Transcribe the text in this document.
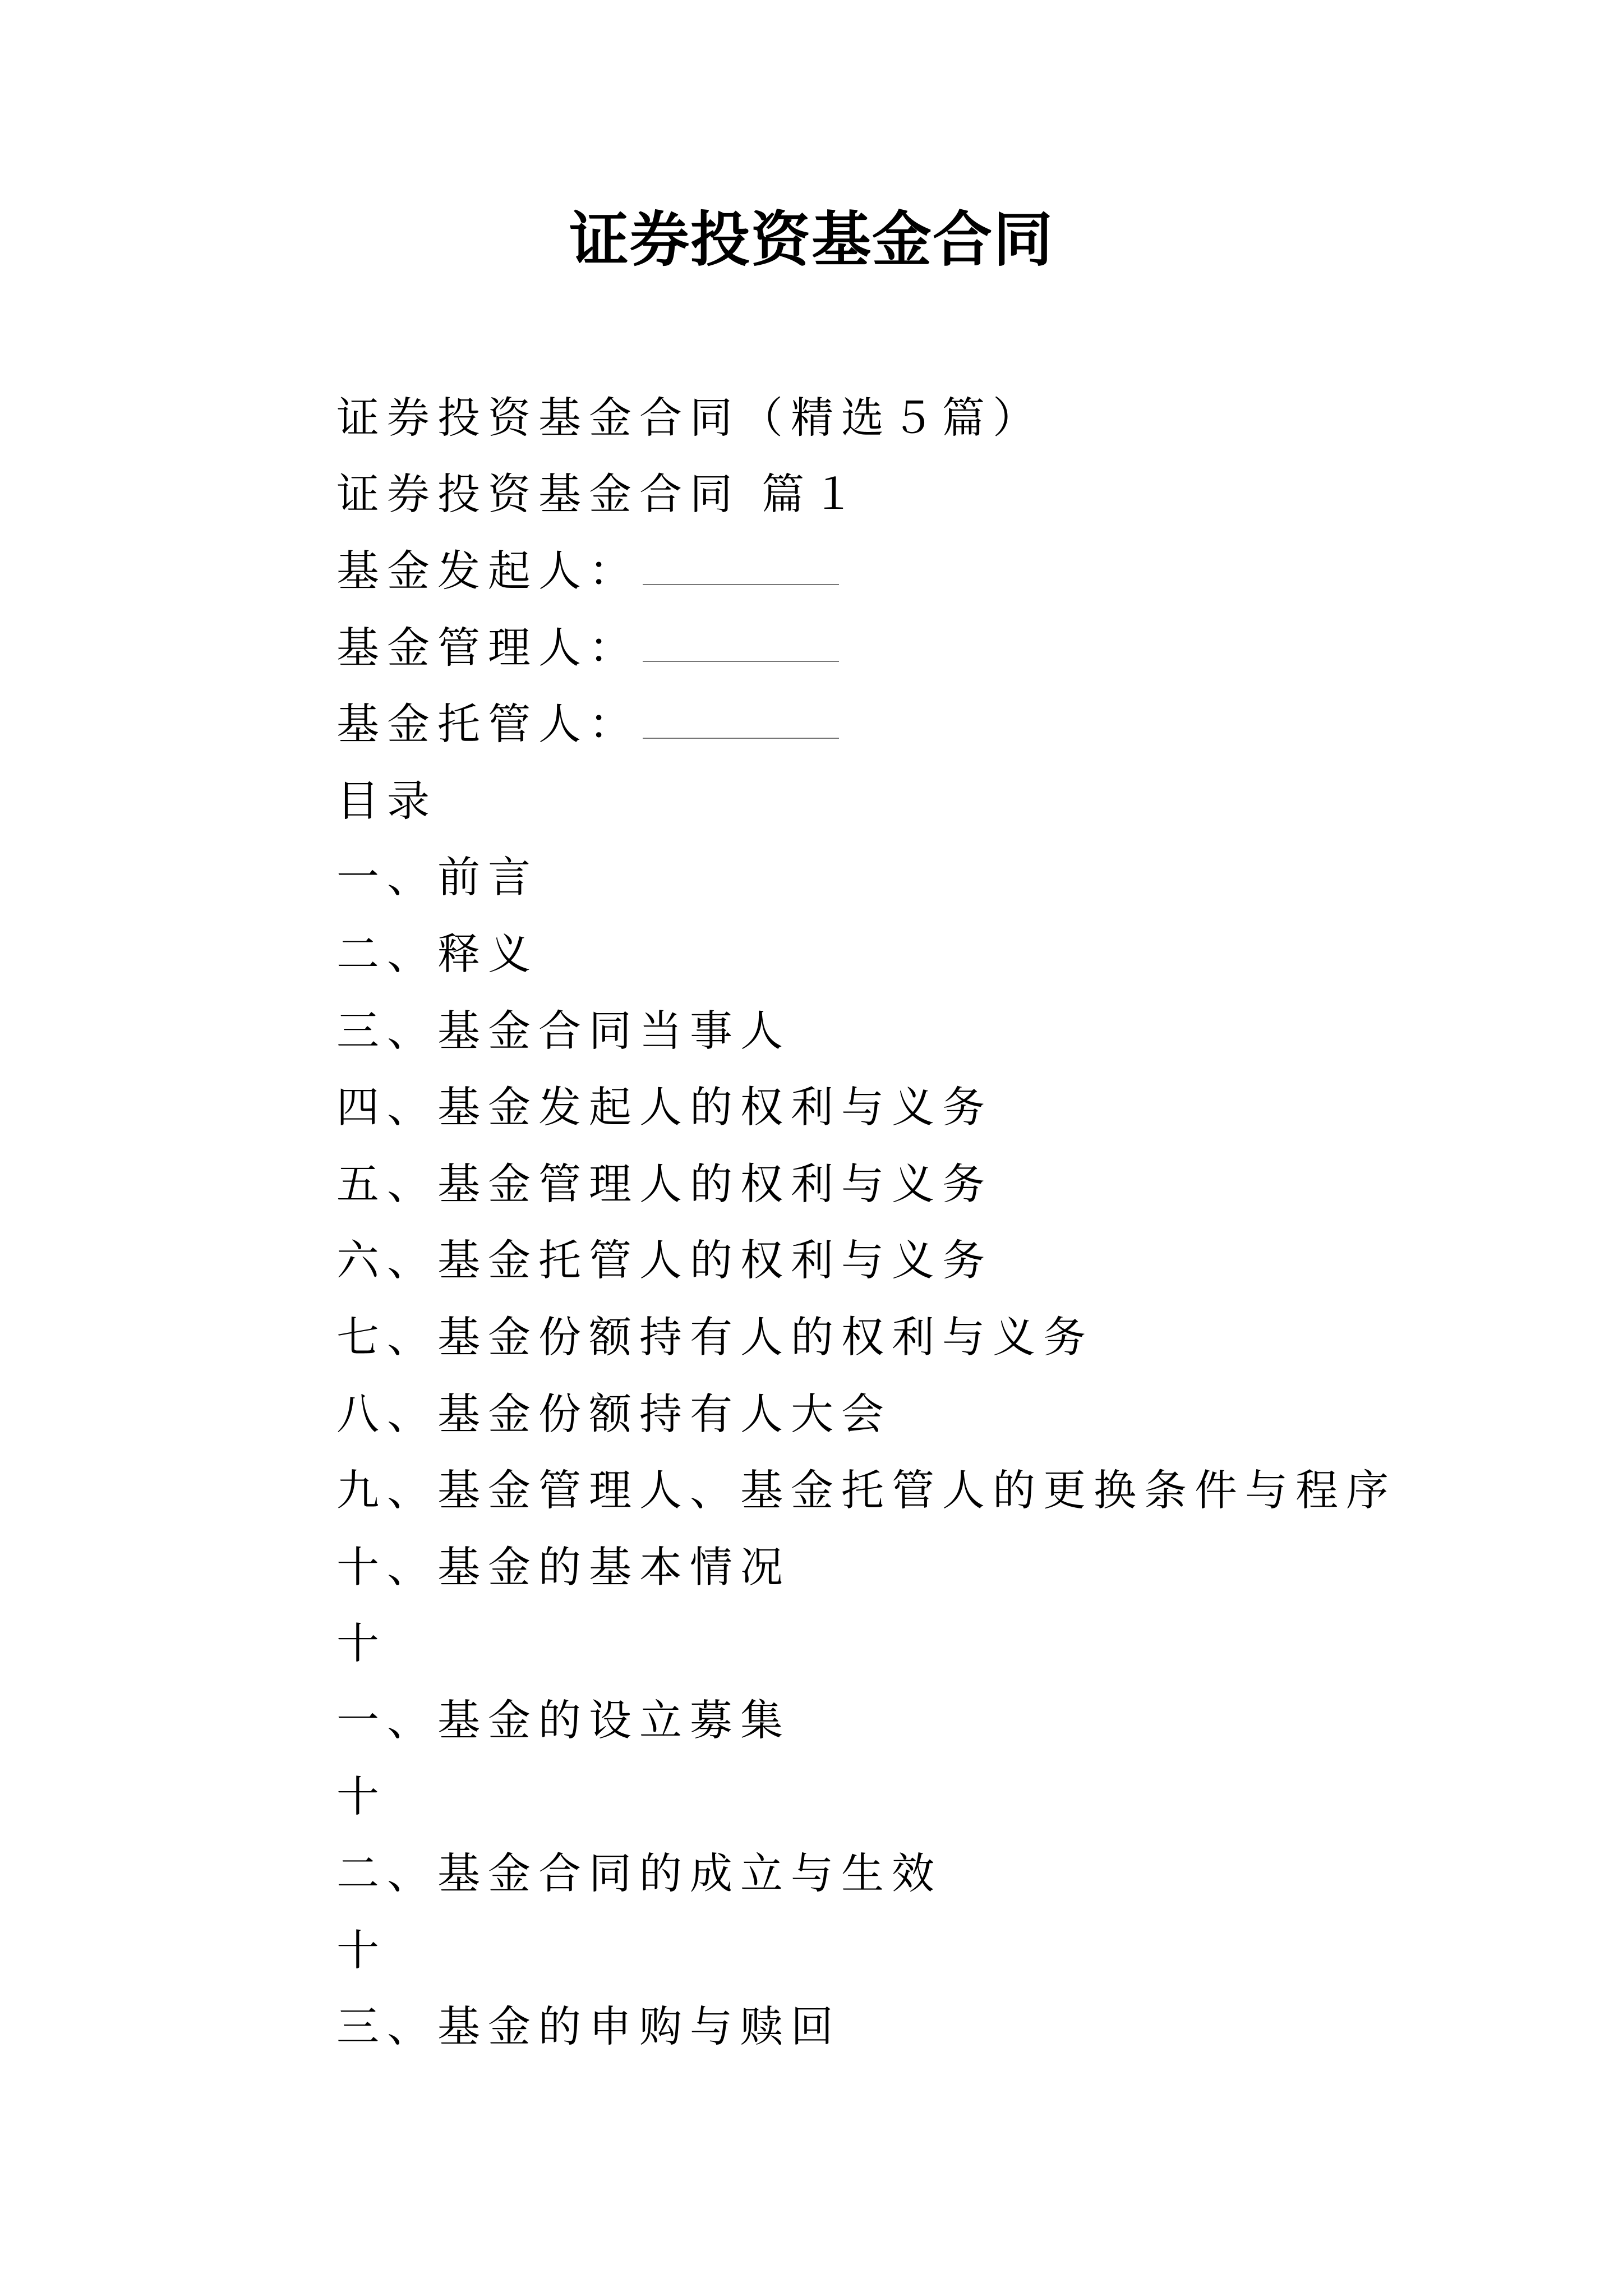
证券投资基金合同
证券投资基金合同（精选５篇）
证券投资基金合同 篇１
基金发起人：
基金管理人：
基金托管人：
目录
一、前言
二、释义
三、基金合同当事人
四、基金发起人的权利与义务
五、基金管理人的权利与义务
六、基金托管人的权利与义务
七、基金份额持有人的权利与义务
八、基金份额持有人大会
九、基金管理人、基金托管人的更换条件与程序
十、基金的基本情况
十
一、基金的设立募集
十
二、基金合同的成立与生效
十
三、基金的申购与赎回
